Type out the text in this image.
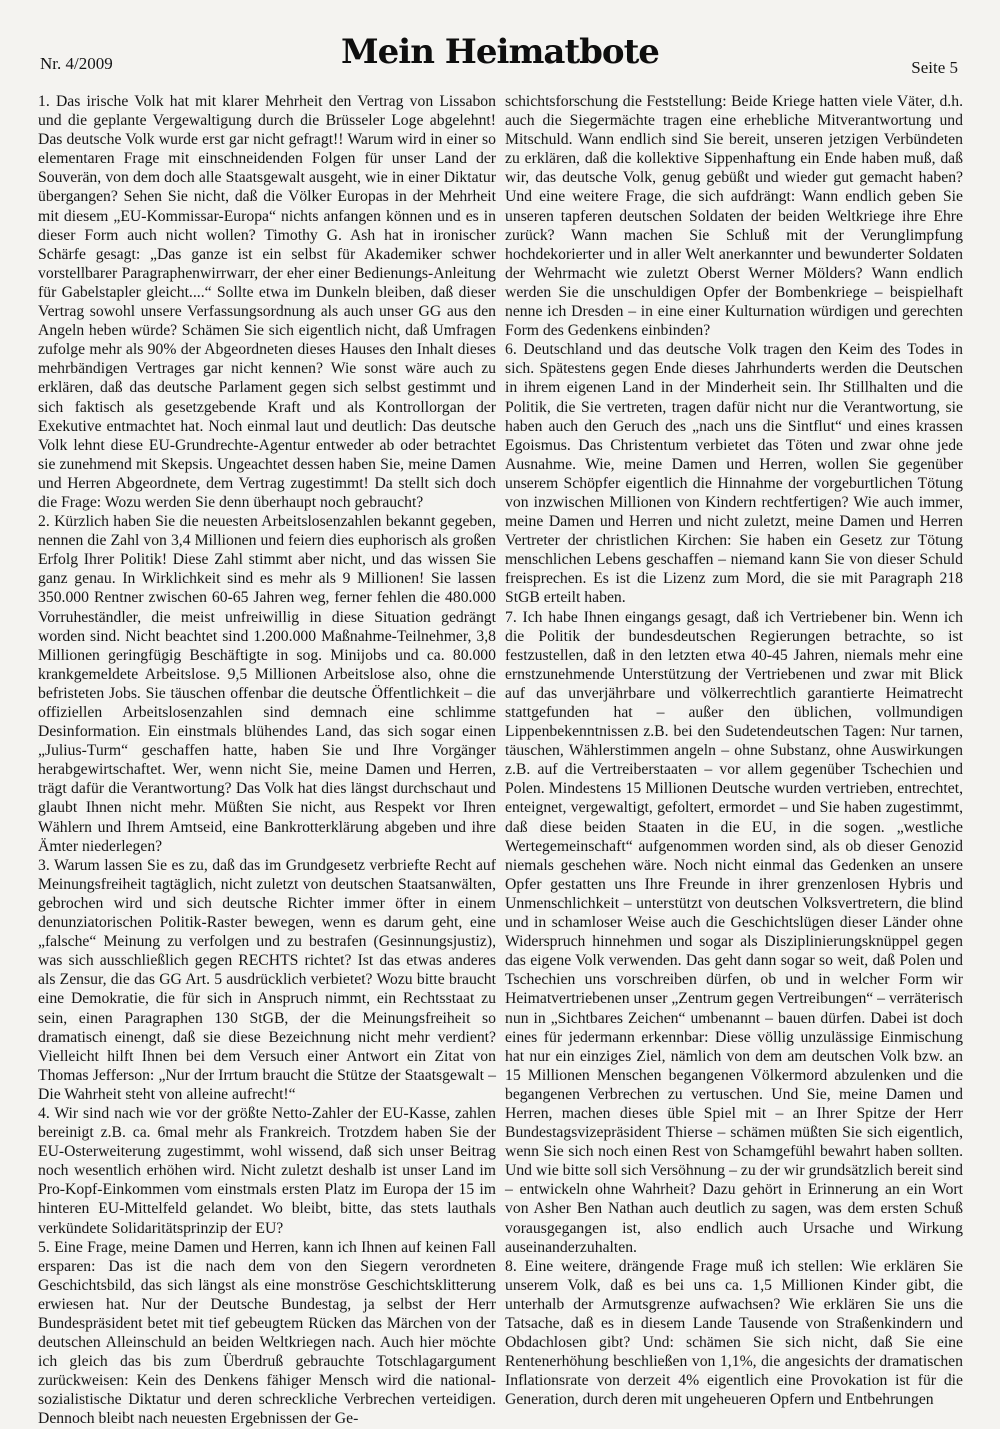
Nr. 4/2009	Mein Heimatbote	Seite 5

1. Das irische Volk hat mit klarer Mehrheit den Vertrag von Lissabon und die geplante Vergewaltigung durch die Brüsseler Loge abgelehnt! Das deutsche Volk wurde erst gar nicht gefragt!! Warum wird in einer so elementaren Frage mit einschneidenden Folgen für unser Land der Souverän, von dem doch alle Staatsgewalt ausgeht, wie in einer Diktatur übergangen? Sehen Sie nicht, daß die Völker Europas in der Mehrheit mit diesem „EU-Kommissar-Europa“ nichts anfangen können und es in dieser Form auch nicht wollen? Timothy G. Ash hat in ironischer Schärfe gesagt: „Das ganze ist ein selbst für Akademiker schwer vorstellbarer Paragraphenwirrwarr, der eher einer Bedienungs-Anleitung für Gabelstapler gleicht....“ Sollte etwa im Dunkeln bleiben, daß dieser Vertrag sowohl unsere Verfassungsordnung als auch unser GG aus den Angeln heben würde? Schämen Sie sich eigentlich nicht, daß Umfragen zufolge mehr als 90% der Abgeordneten dieses Hauses den Inhalt dieses mehrbändigen Vertrages gar nicht kennen? Wie sonst wäre auch zu erklären, daß das deutsche Parlament gegen sich selbst gestimmt und sich faktisch als gesetzgebende Kraft und als Kontrollorgan der Exekutive entmachtet hat. Noch einmal laut und deutlich: Das deutsche Volk lehnt diese EU-Grundrechte-Agentur entweder ab oder betrachtet sie zunehmend mit Skepsis. Ungeachtet dessen haben Sie, meine Damen und Herren Abgeordnete, dem Vertrag zugestimmt! Da stellt sich doch die Frage: Wozu werden Sie denn überhaupt noch gebraucht?

2. Kürzlich haben Sie die neuesten Arbeitslosenzahlen bekannt gegeben, nennen die Zahl von 3,4 Millionen und feiern dies euphorisch als großen Erfolg Ihrer Politik! Diese Zahl stimmt aber nicht, und das wissen Sie ganz genau. In Wirklichkeit sind es mehr als 9 Millionen! Sie lassen 350.000 Rentner zwischen 60-65 Jahren weg, ferner fehlen die 480.000 Vorruheständler, die meist unfreiwillig in diese Situation gedrängt worden sind. Nicht beachtet sind 1.200.000 Maßnahme-Teilnehmer, 3,8 Millionen geringfügig Beschäftigte in sog. Minijobs und ca. 80.000 krankgemeldete Arbeitslose. 9,5 Millionen Arbeitslose also, ohne die befristeten Jobs. Sie täuschen offenbar die deutsche Öffentlichkeit – die offiziellen Arbeitslosenzahlen sind demnach eine schlimme Desinformation. Ein einstmals blühendes Land, das sich sogar einen „Julius-Turm“ geschaffen hatte, haben Sie und Ihre Vorgänger herabgewirtschaftet. Wer, wenn nicht Sie, meine Damen und Herren, trägt dafür die Verantwortung? Das Volk hat dies längst durchschaut und glaubt Ihnen nicht mehr. Müßten Sie nicht, aus Respekt vor Ihren Wählern und Ihrem Amtseid, eine Bankrotterklärung abgeben und ihre Ämter niederlegen?

3. Warum lassen Sie es zu, daß das im Grundgesetz verbriefte Recht auf Meinungsfreiheit tagtäglich, nicht zuletzt von deutschen Staatsanwälten, gebrochen wird und sich deutsche Richter immer öfter in einem denunziatorischen Politik-Raster bewegen, wenn es darum geht, eine „falsche“ Meinung zu verfolgen und zu bestrafen (Gesinnungsjustiz), was sich ausschließlich gegen RECHTS richtet? Ist das etwas anderes als Zensur, die das GG Art. 5 ausdrücklich verbietet? Wozu bitte braucht eine Demokratie, die für sich in Anspruch nimmt, ein Rechtsstaat zu sein, einen Paragraphen 130 StGB, der die Meinungsfreiheit so dramatisch einengt, daß sie diese Bezeichnung nicht mehr verdient? Vielleicht hilft Ihnen bei dem Versuch einer Antwort ein Zitat von Thomas Jefferson: „Nur der Irrtum braucht die Stütze der Staatsgewalt – Die Wahrheit steht von alleine aufrecht!“

4. Wir sind nach wie vor der größte Netto-Zahler der EU-Kasse, zahlen bereinigt z.B. ca. 6mal mehr als Frankreich. Trotzdem haben Sie der EU-Osterweiterung zugestimmt, wohl wissend, daß sich unser Beitrag noch wesentlich erhöhen wird. Nicht zuletzt deshalb ist unser Land im Pro-Kopf-Einkommen vom einstmals ersten Platz im Europa der 15 im hinteren EU-Mittelfeld gelandet. Wo bleibt, bitte, das stets lauthals verkündete Solidaritätsprinzip der EU?

5. Eine Frage, meine Damen und Herren, kann ich Ihnen auf keinen Fall ersparen: Das ist die nach dem von den Siegern verordneten Geschichtsbild, das sich längst als eine monströse Geschichtsklitterung erwiesen hat. Nur der Deutsche Bundestag, ja selbst der Herr Bundespräsident betet mit tief gebeugtem Rücken das Märchen von der deutschen Alleinschuld an beiden Weltkriegen nach. Auch hier möchte ich gleich das bis zum Überdruß gebrauchte Totschlagargument zurückweisen: Kein des Denkens fähiger Mensch wird die national-sozialistische Diktatur und deren schreckliche Verbrechen verteidigen. Dennoch bleibt nach neuesten Ergebnissen der Ge-

schichtsforschung die Feststellung: Beide Kriege hatten viele Väter, d.h. auch die Siegermächte tragen eine erhebliche Mitverantwortung und Mitschuld. Wann endlich sind Sie bereit, unseren jetzigen Verbündeten zu erklären, daß die kollektive Sippenhaftung ein Ende haben muß, daß wir, das deutsche Volk, genug gebüßt und wieder gut gemacht haben? Und eine weitere Frage, die sich aufdrängt: Wann endlich geben Sie unseren tapferen deutschen Soldaten der beiden Weltkriege ihre Ehre zurück? Wann machen Sie Schluß mit der Verunglimpfung hochdekorierter und in aller Welt anerkannter und bewunderter Soldaten der Wehrmacht wie zuletzt Oberst Werner Mölders? Wann endlich werden Sie die unschuldigen Opfer der Bombenkriege – beispielhaft nenne ich Dresden – in eine einer Kulturnation würdigen und gerechten Form des Gedenkens einbinden?

6. Deutschland und das deutsche Volk tragen den Keim des Todes in sich. Spätestens gegen Ende dieses Jahrhunderts werden die Deutschen in ihrem eigenen Land in der Minderheit sein. Ihr Stillhalten und die Politik, die Sie vertreten, tragen dafür nicht nur die Verantwortung, sie haben auch den Geruch des „nach uns die Sintflut“ und eines krassen Egoismus. Das Christentum verbietet das Töten und zwar ohne jede Ausnahme. Wie, meine Damen und Herren, wollen Sie gegenüber unserem Schöpfer eigentlich die Hinnahme der vorgeburtlichen Tötung von inzwischen Millionen von Kindern rechtfertigen? Wie auch immer, meine Damen und Herren und nicht zuletzt, meine Damen und Herren Vertreter der christlichen Kirchen: Sie haben ein Gesetz zur Tötung menschlichen Lebens geschaffen – niemand kann Sie von dieser Schuld freisprechen. Es ist die Lizenz zum Mord, die sie mit Paragraph 218 StGB erteilt haben.

7. Ich habe Ihnen eingangs gesagt, daß ich Vertriebener bin. Wenn ich die Politik der bundesdeutschen Regierungen betrachte, so ist festzustellen, daß in den letzten etwa 40-45 Jahren, niemals mehr eine ernstzunehmende Unterstützung der Vertriebenen und zwar mit Blick auf das unverjährbare und völkerrechtlich garantierte Heimatrecht stattgefunden hat – außer den üblichen, vollmundigen Lippenbekenntnissen z.B. bei den Sudetendeutschen Tagen: Nur tarnen, täuschen, Wählerstimmen angeln – ohne Substanz, ohne Auswirkungen z.B. auf die Vertreiberstaaten – vor allem gegenüber Tschechien und Polen. Mindestens 15 Millionen Deutsche wurden vertrieben, entrechtet, enteignet, vergewaltigt, gefoltert, ermordet – und Sie haben zugestimmt, daß diese beiden Staaten in die EU, in die sogen. „westliche Wertegemeinschaft“ aufgenommen worden sind, als ob dieser Genozid niemals geschehen wäre. Noch nicht einmal das Gedenken an unsere Opfer gestatten uns Ihre Freunde in ihrer grenzenlosen Hybris und Unmenschlichkeit – unterstützt von deutschen Volksvertretern, die blind und in schamloser Weise auch die Geschichtslügen dieser Länder ohne Widerspruch hinnehmen und sogar als Disziplinierungsknüppel gegen das eigene Volk verwenden. Das geht dann sogar so weit, daß Polen und Tschechien uns vorschreiben dürfen, ob und in welcher Form wir Heimatvertriebenen unser „Zentrum gegen Vertreibungen“ – verräterisch nun in „Sichtbares Zeichen“ umbenannt – bauen dürfen. Dabei ist doch eines für jedermann erkennbar: Diese völlig unzulässige Einmischung hat nur ein einziges Ziel, nämlich von dem am deutschen Volk bzw. an 15 Millionen Menschen begangenen Völkermord abzulenken und die begangenen Verbrechen zu vertuschen. Und Sie, meine Damen und Herren, machen dieses üble Spiel mit – an Ihrer Spitze der Herr Bundestagsvizepräsident Thierse – schämen müßten Sie sich eigentlich, wenn Sie sich noch einen Rest von Schamgefühl bewahrt haben sollten. Und wie bitte soll sich Versöhnung – zu der wir grundsätzlich bereit sind – entwickeln ohne Wahrheit? Dazu gehört in Erinnerung an ein Wort von Asher Ben Nathan auch deutlich zu sagen, was dem ersten Schuß vorausgegangen ist, also endlich auch Ursache und Wirkung auseinanderzuhalten.

8. Eine weitere, drängende Frage muß ich stellen: Wie erklären Sie unserem Volk, daß es bei uns ca. 1,5 Millionen Kinder gibt, die unterhalb der Armutsgrenze aufwachsen? Wie erklären Sie uns die Tatsache, daß es in diesem Lande Tausende von Straßenkindern und Obdachlosen gibt? Und: schämen Sie sich nicht, daß Sie eine Rentenerhöhung beschließen von 1,1%, die angesichts der dramatischen Inflationsrate von derzeit 4% eigentlich eine Provokation ist für die Generation, durch deren mit ungeheueren Opfern und Entbehrungen
